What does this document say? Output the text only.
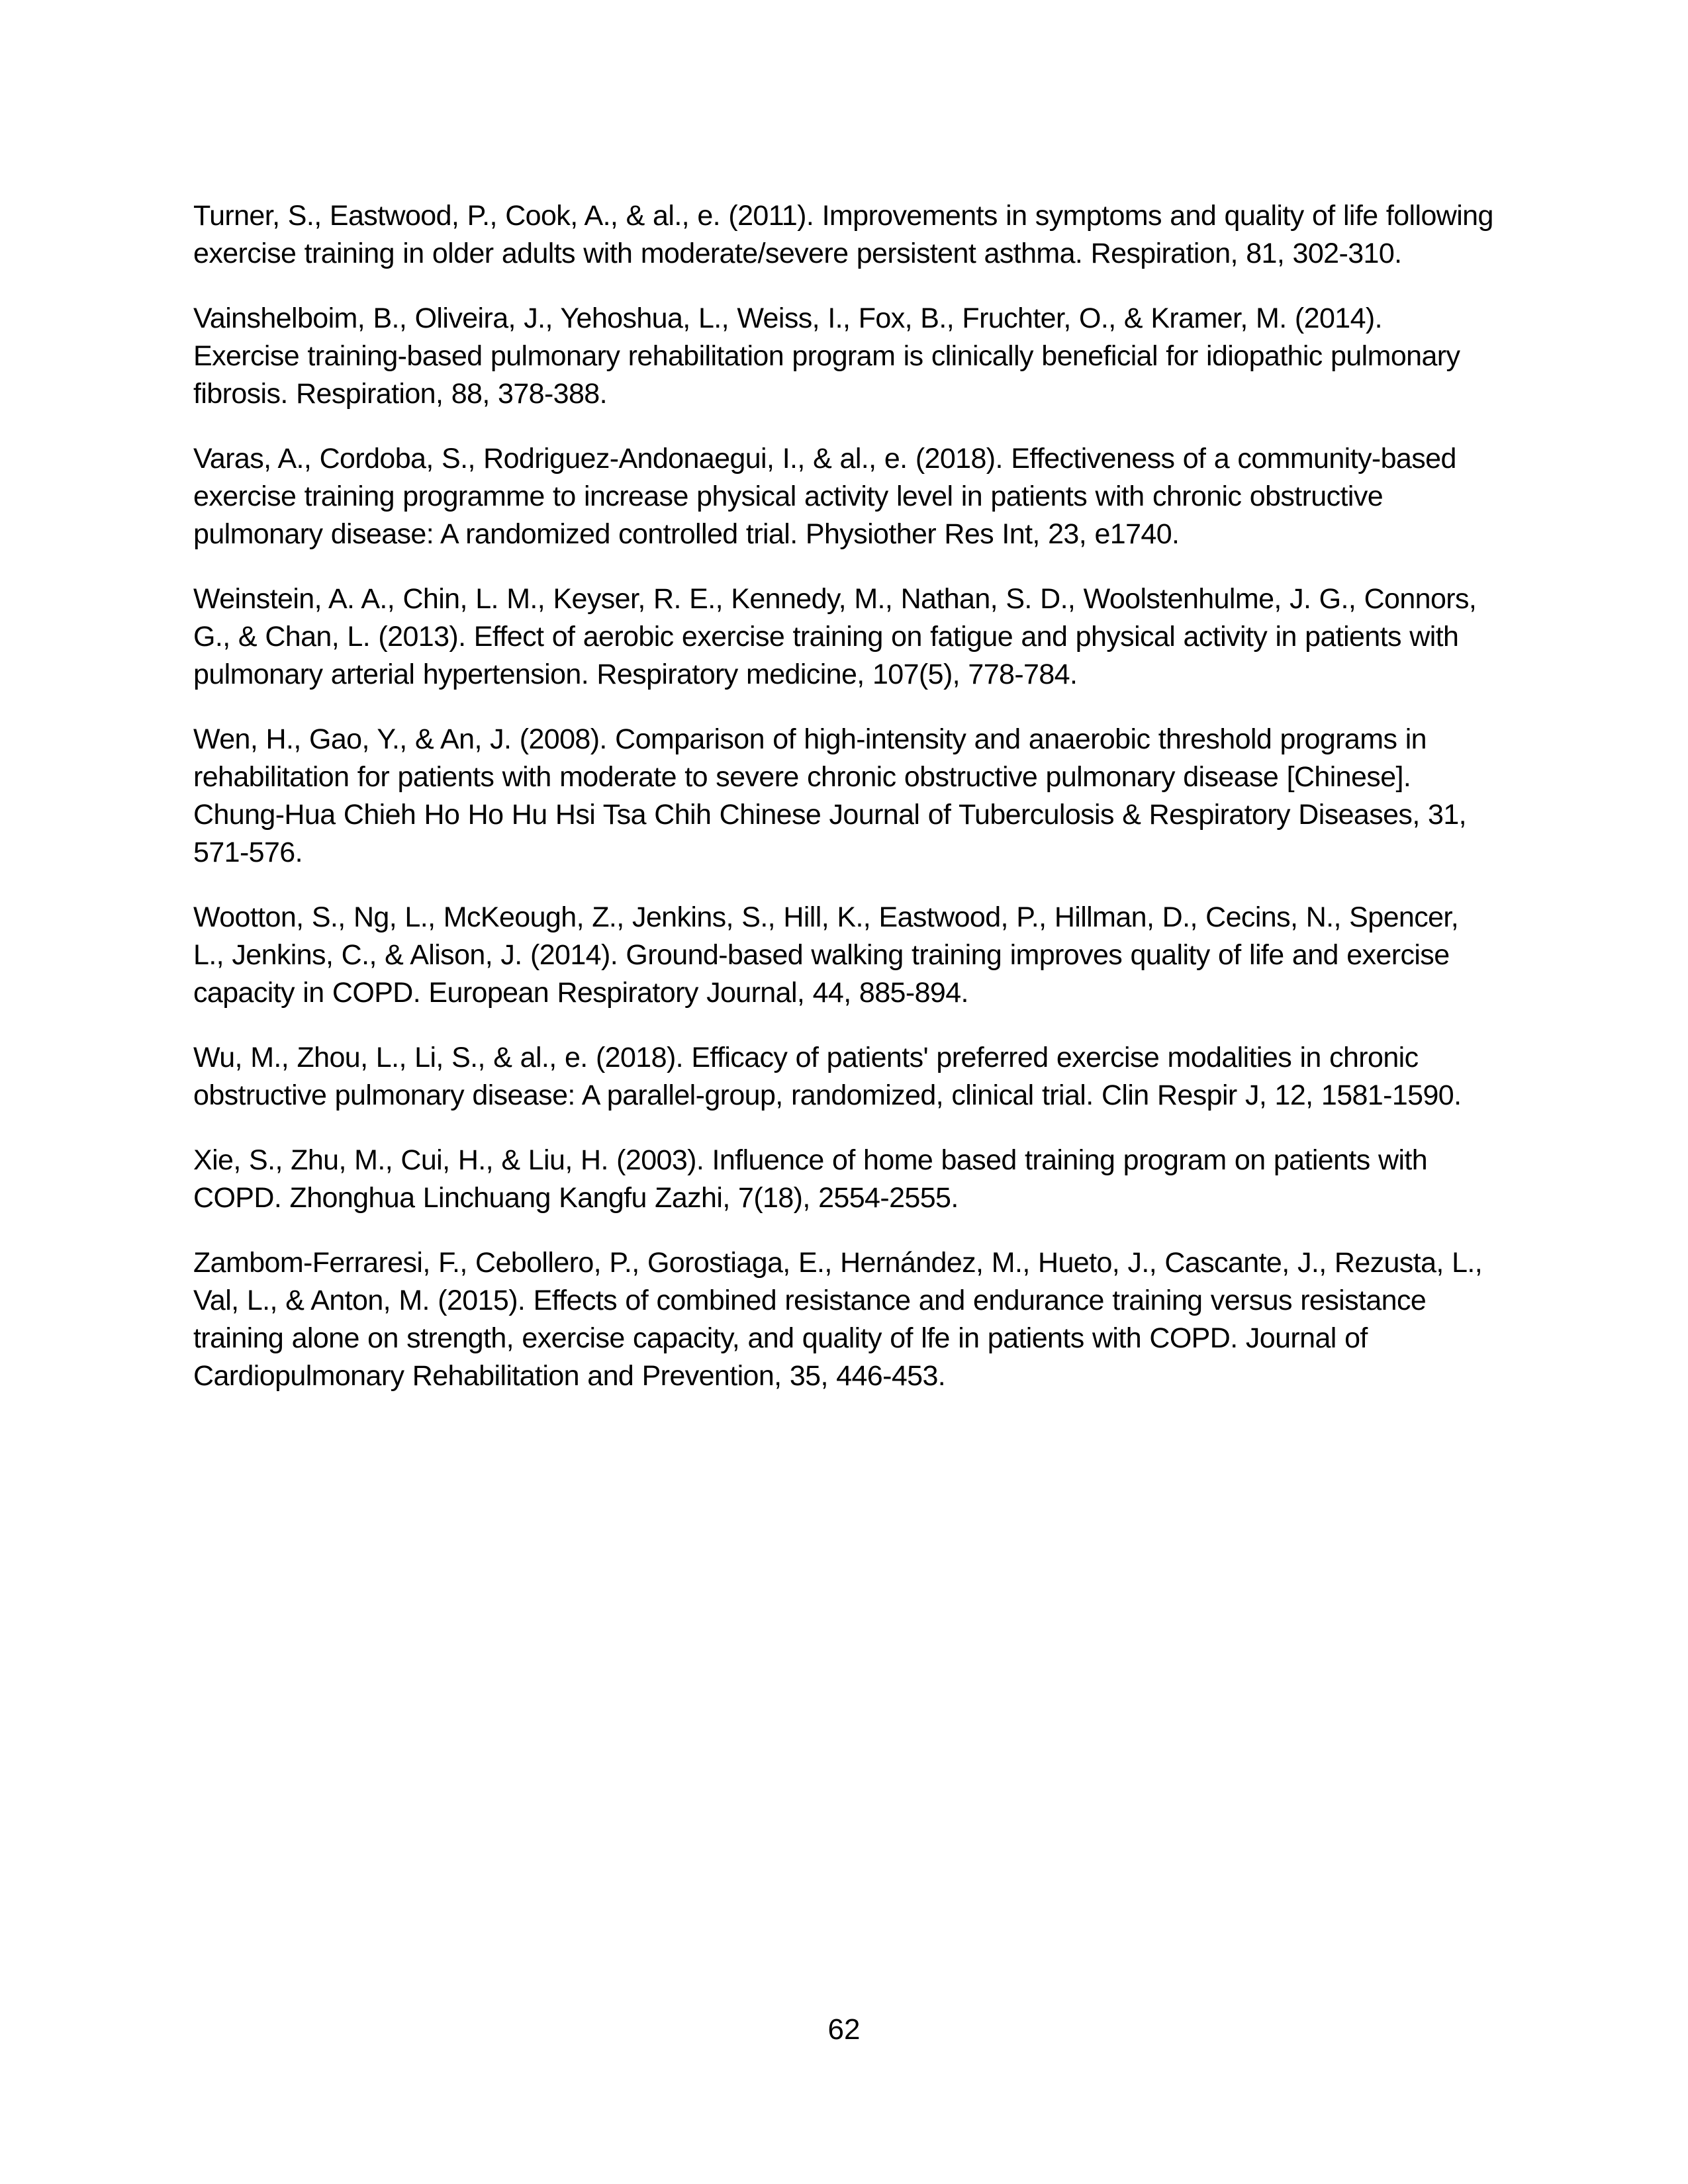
Turner, S., Eastwood, P., Cook, A., & al., e. (2011). Improvements in symptoms and quality of life following exercise training in older adults with moderate/severe persistent asthma. Respiration, 81, 302-310.

Vainshelboim, B., Oliveira, J., Yehoshua, L., Weiss, I., Fox, B., Fruchter, O., & Kramer, M. (2014). Exercise training-based pulmonary rehabilitation program is clinically beneficial for idiopathic pulmonary fibrosis. Respiration, 88, 378-388.

Varas, A., Cordoba, S., Rodriguez-Andonaegui, I., & al., e. (2018). Effectiveness of a community-based exercise training programme to increase physical activity level in patients with chronic obstructive pulmonary disease: A randomized controlled trial. Physiother Res Int, 23, e1740.

Weinstein, A. A., Chin, L. M., Keyser, R. E., Kennedy, M., Nathan, S. D., Woolstenhulme, J. G., Connors, G., & Chan, L. (2013). Effect of aerobic exercise training on fatigue and physical activity in patients with pulmonary arterial hypertension. Respiratory medicine, 107(5), 778-784.

Wen, H., Gao, Y., & An, J. (2008). Comparison of high-intensity and anaerobic threshold programs in rehabilitation for patients with moderate to severe chronic obstructive pulmonary disease [Chinese]. Chung-Hua Chieh Ho Ho Hu Hsi Tsa Chih Chinese Journal of Tuberculosis & Respiratory Diseases, 31, 571-576.

Wootton, S., Ng, L., McKeough, Z., Jenkins, S., Hill, K., Eastwood, P., Hillman, D., Cecins, N., Spencer, L., Jenkins, C., & Alison, J. (2014). Ground-based walking training improves quality of life and exercise capacity in COPD. European Respiratory Journal, 44, 885-894.

Wu, M., Zhou, L., Li, S., & al., e. (2018). Efficacy of patients' preferred exercise modalities in chronic obstructive pulmonary disease: A parallel-group, randomized, clinical trial. Clin Respir J, 12, 1581-1590.

Xie, S., Zhu, M., Cui, H., & Liu, H. (2003). Influence of home based training program on patients with COPD. Zhonghua Linchuang Kangfu Zazhi, 7(18), 2554-2555.

Zambom-Ferraresi, F., Cebollero, P., Gorostiaga, E., Hernández, M., Hueto, J., Cascante, J., Rezusta, L., Val, L., & Anton, M. (2015). Effects of combined resistance and endurance training versus resistance training alone on strength, exercise capacity, and quality of lfe in patients with COPD. Journal of Cardiopulmonary Rehabilitation and Prevention, 35, 446-453.

62
